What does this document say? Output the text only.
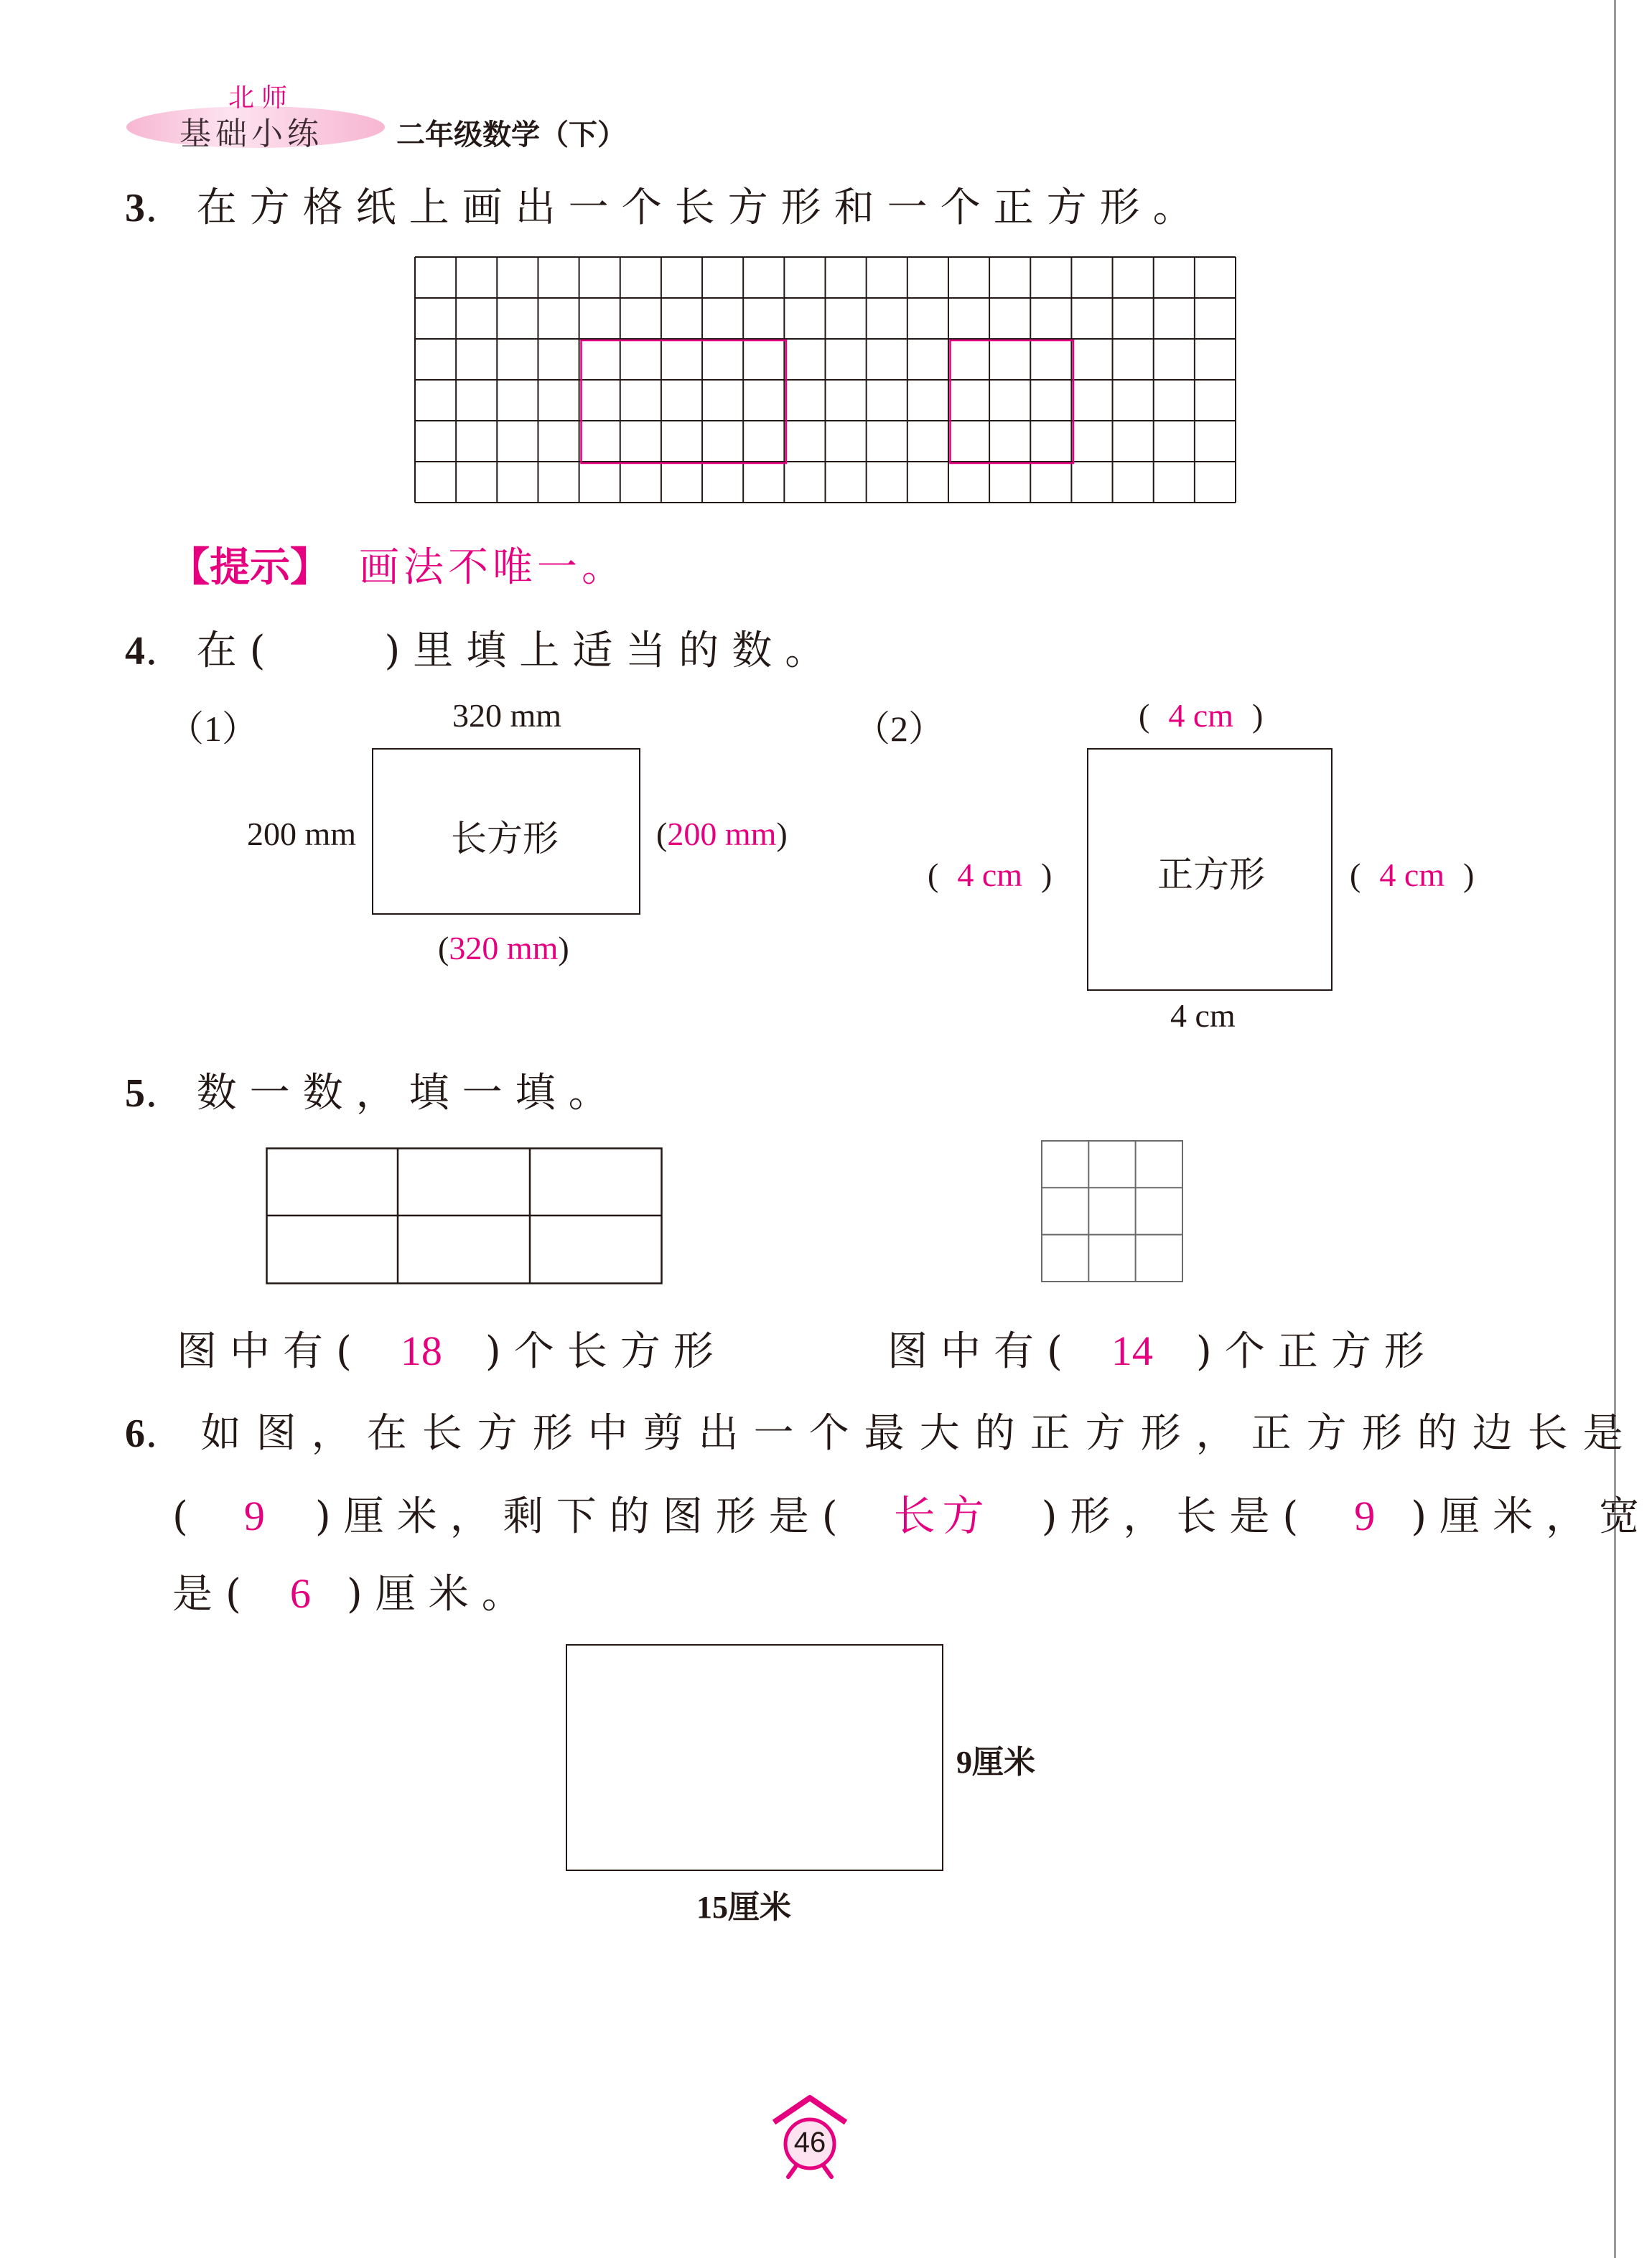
北师
基础小练	二年级数学（下）
3. 在方格纸上画出一个长方形和一个正方形。
【提示】 画法不唯一。
4. 在(　　)里填上适当的数。
（1）	320 mm
200 mm	长方形	(200 mm)
(320 mm)
（2）	( 4 cm )
( 4 cm )	正方形	( 4 cm )
4 cm
5. 数一数，填一填。
图中有( 18 )个长方形	图中有( 14 )个正方形
6. 如图，在长方形中剪出一个最大的正方形，正方形的边长是
( 9 )厘米，剩下的图形是( 长方 )形，长是( 9 )厘米，宽
是( 6 )厘米。
9厘米
15厘米
46
